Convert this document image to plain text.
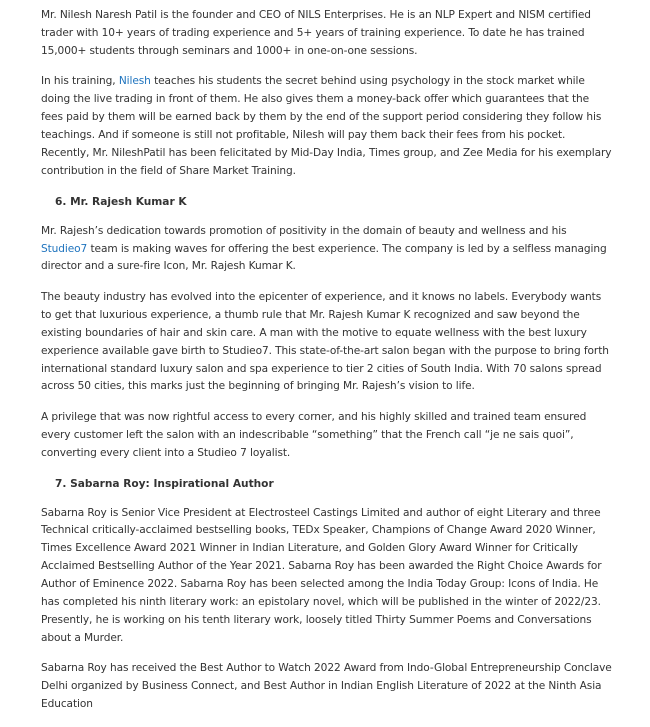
Mr. Nilesh Naresh Patil is the founder and CEO of NILS Enterprises. He is an NLP Expert and NISM certified trader with 10+ years of trading experience and 5+ years of training experience. To date he has trained 15,000+ students through seminars and 1000+ in one-on-one sessions.

In his training, Nilesh teaches his students the secret behind using psychology in the stock market while doing the live trading in front of them. He also gives them a money-back offer which guarantees that the fees paid by them will be earned back by them by the end of the support period considering they follow his teachings. And if someone is still not profitable, Nilesh will pay them back their fees from his pocket. Recently, Mr. NileshPatil has been felicitated by Mid-Day India, Times group, and Zee Media for his exemplary contribution in the field of Share Market Training.

6. Mr. Rajesh Kumar K

Mr. Rajesh’s dedication towards promotion of positivity in the domain of beauty and wellness and his Studieo7 team is making waves for offering the best experience. The company is led by a selfless managing director and a sure-fire Icon, Mr. Rajesh Kumar K.

The beauty industry has evolved into the epicenter of experience, and it knows no labels. Everybody wants to get that luxurious experience, a thumb rule that Mr. Rajesh Kumar K recognized and saw beyond the existing boundaries of hair and skin care. A man with the motive to equate wellness with the best luxury experience available gave birth to Studieo7. This state-of-the-art salon began with the purpose to bring forth international standard luxury salon and spa experience to tier 2 cities of South India. With 70 salons spread across 50 cities, this marks just the beginning of bringing Mr. Rajesh’s vision to life.

A privilege that was now rightful access to every corner, and his highly skilled and trained team ensured every customer left the salon with an indescribable “something” that the French call “je ne sais quoi”, converting every client into a Studieo 7 loyalist.

7. Sabarna Roy: Inspirational Author

Sabarna Roy is Senior Vice President at Electrosteel Castings Limited and author of eight Literary and three Technical critically-acclaimed bestselling books, TEDx Speaker, Champions of Change Award 2020 Winner, Times Excellence Award 2021 Winner in Indian Literature, and Golden Glory Award Winner for Critically Acclaimed Bestselling Author of the Year 2021. Sabarna Roy has been awarded the Right Choice Awards for Author of Eminence 2022. Sabarna Roy has been selected among the India Today Group: Icons of India. He has completed his ninth literary work: an epistolary novel, which will be published in the winter of 2022/23. Presently, he is working on his tenth literary work, loosely titled Thirty Summer Poems and Conversations about a Murder.

Sabarna Roy has received the Best Author to Watch 2022 Award from Indo-Global Entrepreneurship Conclave Delhi organized by Business Connect, and Best Author in Indian English Literature of 2022 at the Ninth Asia Education
